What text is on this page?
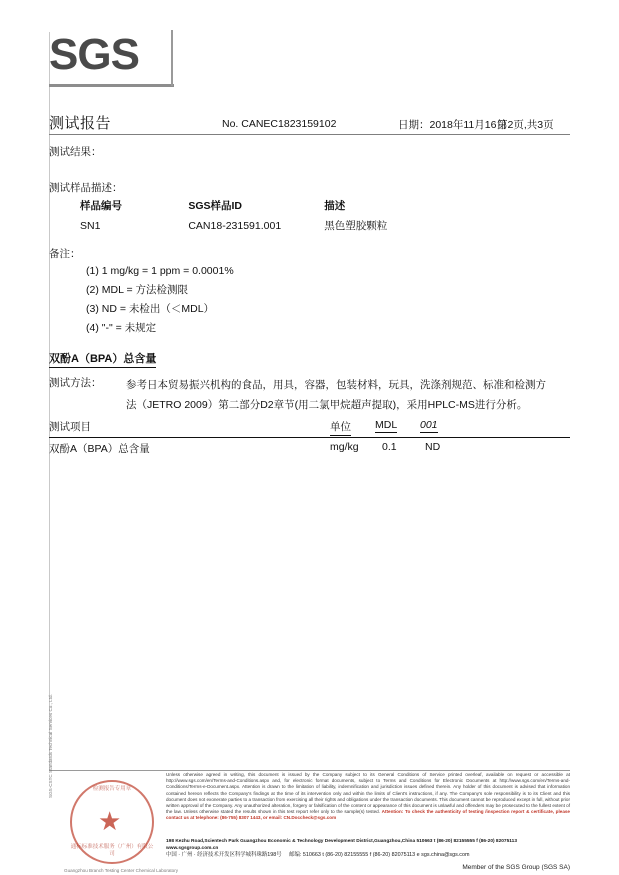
SGS
测试报告	No. CANEC1823159102	日期：2018年11月16日
第2页,共3页
测试结果：
测试样品描述：
样品编号	SGS样品ID	描述
SN1	CAN18-231591.001	黑色塑胶颗粒
备注：
(1) 1 mg/kg = 1 ppm = 0.0001%
(2) MDL = 方法检测限
(3) ND = 未检出（＜MDL）
(4) "-" = 未规定
双酚A（BPA）总含量
测试方法： 参考日本贸易振兴机构的食品，用具，容器，包装材料，玩具，洗涤剂规范、标准和检测方法（JETRO 2009）第二部分D2章节(用二氯甲烷超声提取)，采用HPLC-MS进行分析。
测试项目	单位 MDL 001
双酚A（BPA）总含量	mg/kg 0.1	ND
检测报告专用章
通标标准技术服务（广州）有限公司
SGS-CSTC Standards Technical Services Co., Ltd.
Guangzhou Branch Testing Center Chemical Laboratory
Unless otherwise agreed in writing, this document is issued by the Company subject to its General Conditions of Service printed overleaf, available on request or accessible at http://www.sgs.com/en/Terms-and-Conditions.aspx and, for electronic format documents, subject to Terms and Conditions for Electronic Documents at http://www.sgs.com/en/Terms-and-Conditions/Terms-e-Document.aspx. Attention is drawn to the limitation of liability, indemnification and jurisdiction issues defined therein. Any holder of this document is advised that information contained hereon reflects the Company's findings at the time of its intervention only and within the limits of Client's instructions, if any. The Company's sole responsibility is to its Client and this document does not exonerate parties to a transaction from exercising all their rights and obligations under the transaction documents. This document cannot be reproduced except in full, without prior written approval of the Company. Any unauthorized alteration, forgery or falsification of the content or appearance of this document is unlawful and offenders may be prosecuted to the fullest extent of the law. Unless otherwise stated the results shown in this test report refer only to the sample(s) tested. Attention: To check the authenticity of testing /inspection report & certificate, please contact us at telephone: (86-755) 8307 1443, or email: CN.Doccheck@sgs.com
198 Kezhu Road,Scientech Park Guangzhou Economic & Technology Development District,Guangzhou,China 510663 t (86-20) 82155555 f (86-20) 82075113 www.sgsgroup.com.cn
中国 · 广州 · 经济技术开发区科学城科珠路198号 邮编: 510663 t (86-20) 82155555 f (86-20) 82075113 e sgs.china@sgs.com
Member of the SGS Group (SGS SA)
